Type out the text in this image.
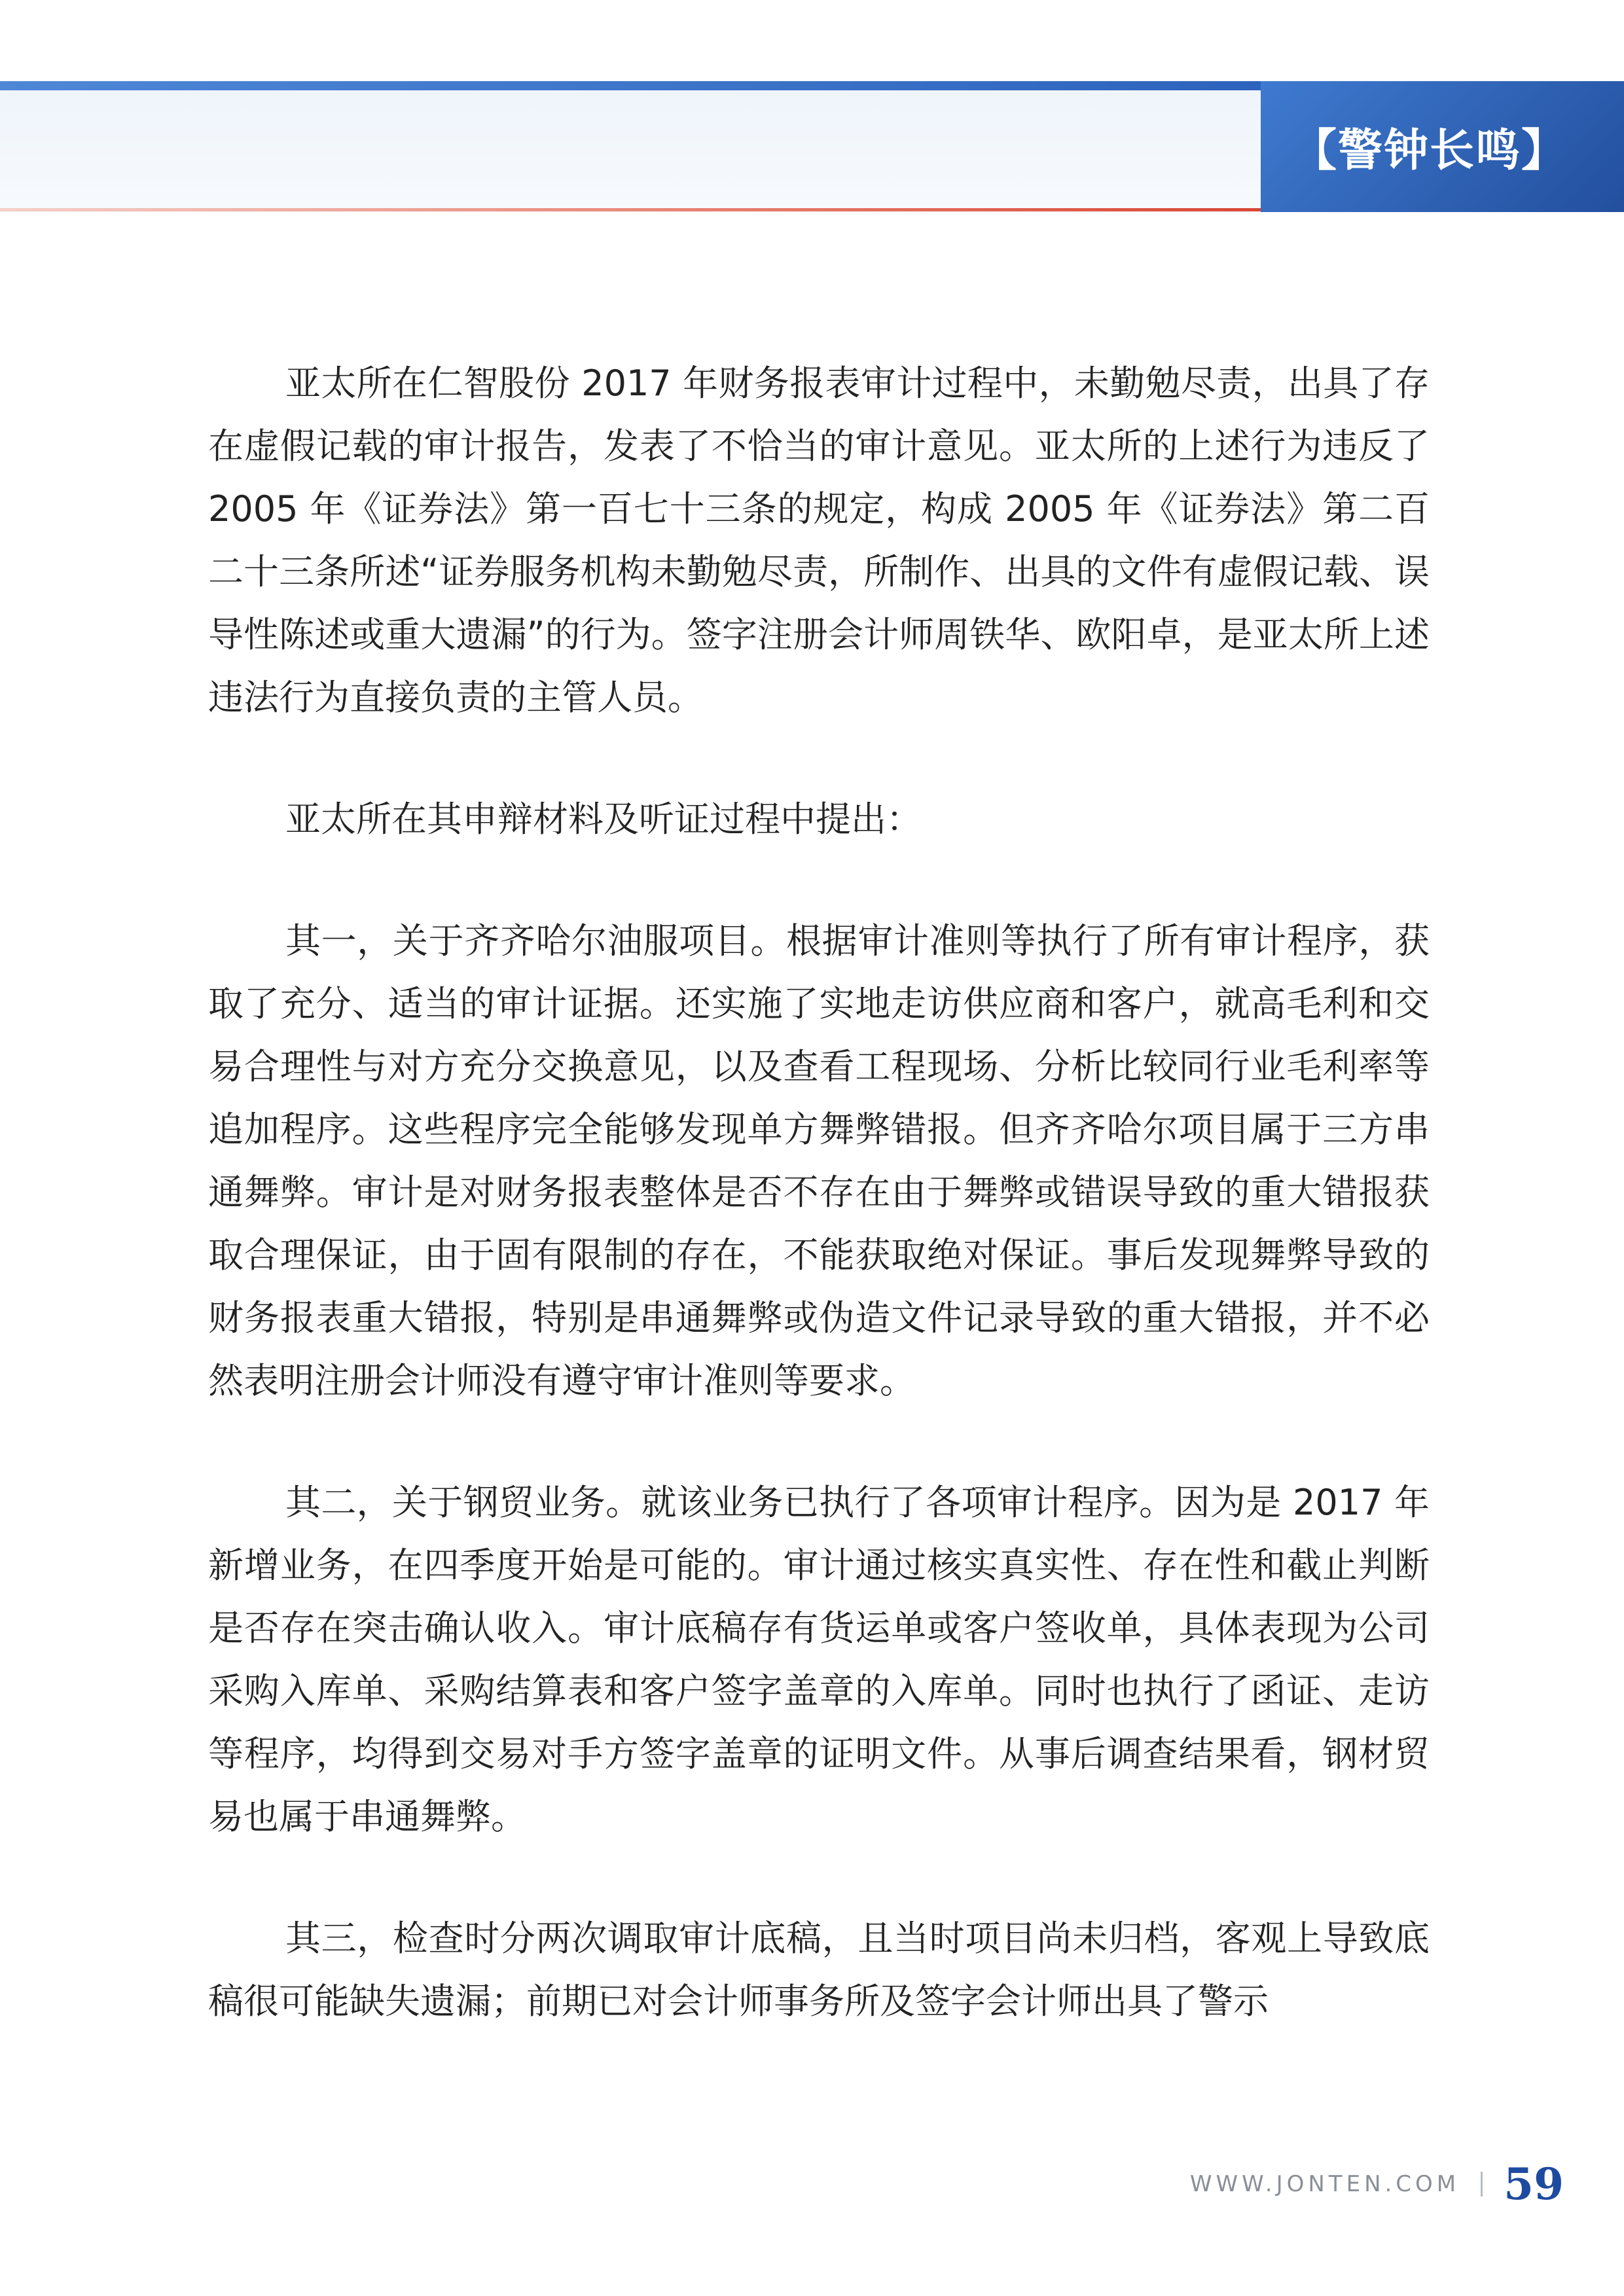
【警钟长鸣】

亚太所在仁智股份 2017 年财务报表审计过程中，未勤勉尽责，出具了存在虚假记载的审计报告，发表了不恰当的审计意见。亚太所的上述行为违反了 2005 年《证券法》第一百七十三条的规定，构成 2005 年《证券法》第二百二十三条所述“证券服务机构未勤勉尽责，所制作、出具的文件有虚假记载、误导性陈述或重大遗漏”的行为。签字注册会计师周铁华、欧阳卓，是亚太所上述违法行为直接负责的主管人员。

亚太所在其申辩材料及听证过程中提出：

其一，关于齐齐哈尔油服项目。根据审计准则等执行了所有审计程序，获取了充分、适当的审计证据。还实施了实地走访供应商和客户，就高毛利和交易合理性与对方充分交换意见，以及查看工程现场、分析比较同行业毛利率等追加程序。这些程序完全能够发现单方舞弊错报。但齐齐哈尔项目属于三方串通舞弊。审计是对财务报表整体是否不存在由于舞弊或错误导致的重大错报获取合理保证，由于固有限制的存在，不能获取绝对保证。事后发现舞弊导致的财务报表重大错报，特别是串通舞弊或伪造文件记录导致的重大错报，并不必然表明注册会计师没有遵守审计准则等要求。

其二，关于钢贸业务。就该业务已执行了各项审计程序。因为是 2017 年新增业务，在四季度开始是可能的。审计通过核实真实性、存在性和截止判断是否存在突击确认收入。审计底稿存有货运单或客户签收单，具体表现为公司采购入库单、采购结算表和客户签字盖章的入库单。同时也执行了函证、走访等程序，均得到交易对手方签字盖章的证明文件。从事后调查结果看，钢材贸易也属于串通舞弊。

其三，检查时分两次调取审计底稿，且当时项目尚未归档，客观上导致底稿很可能缺失遗漏；前期已对会计师事务所及签字会计师出具了警示

WWW.JONTEN.COM 59
